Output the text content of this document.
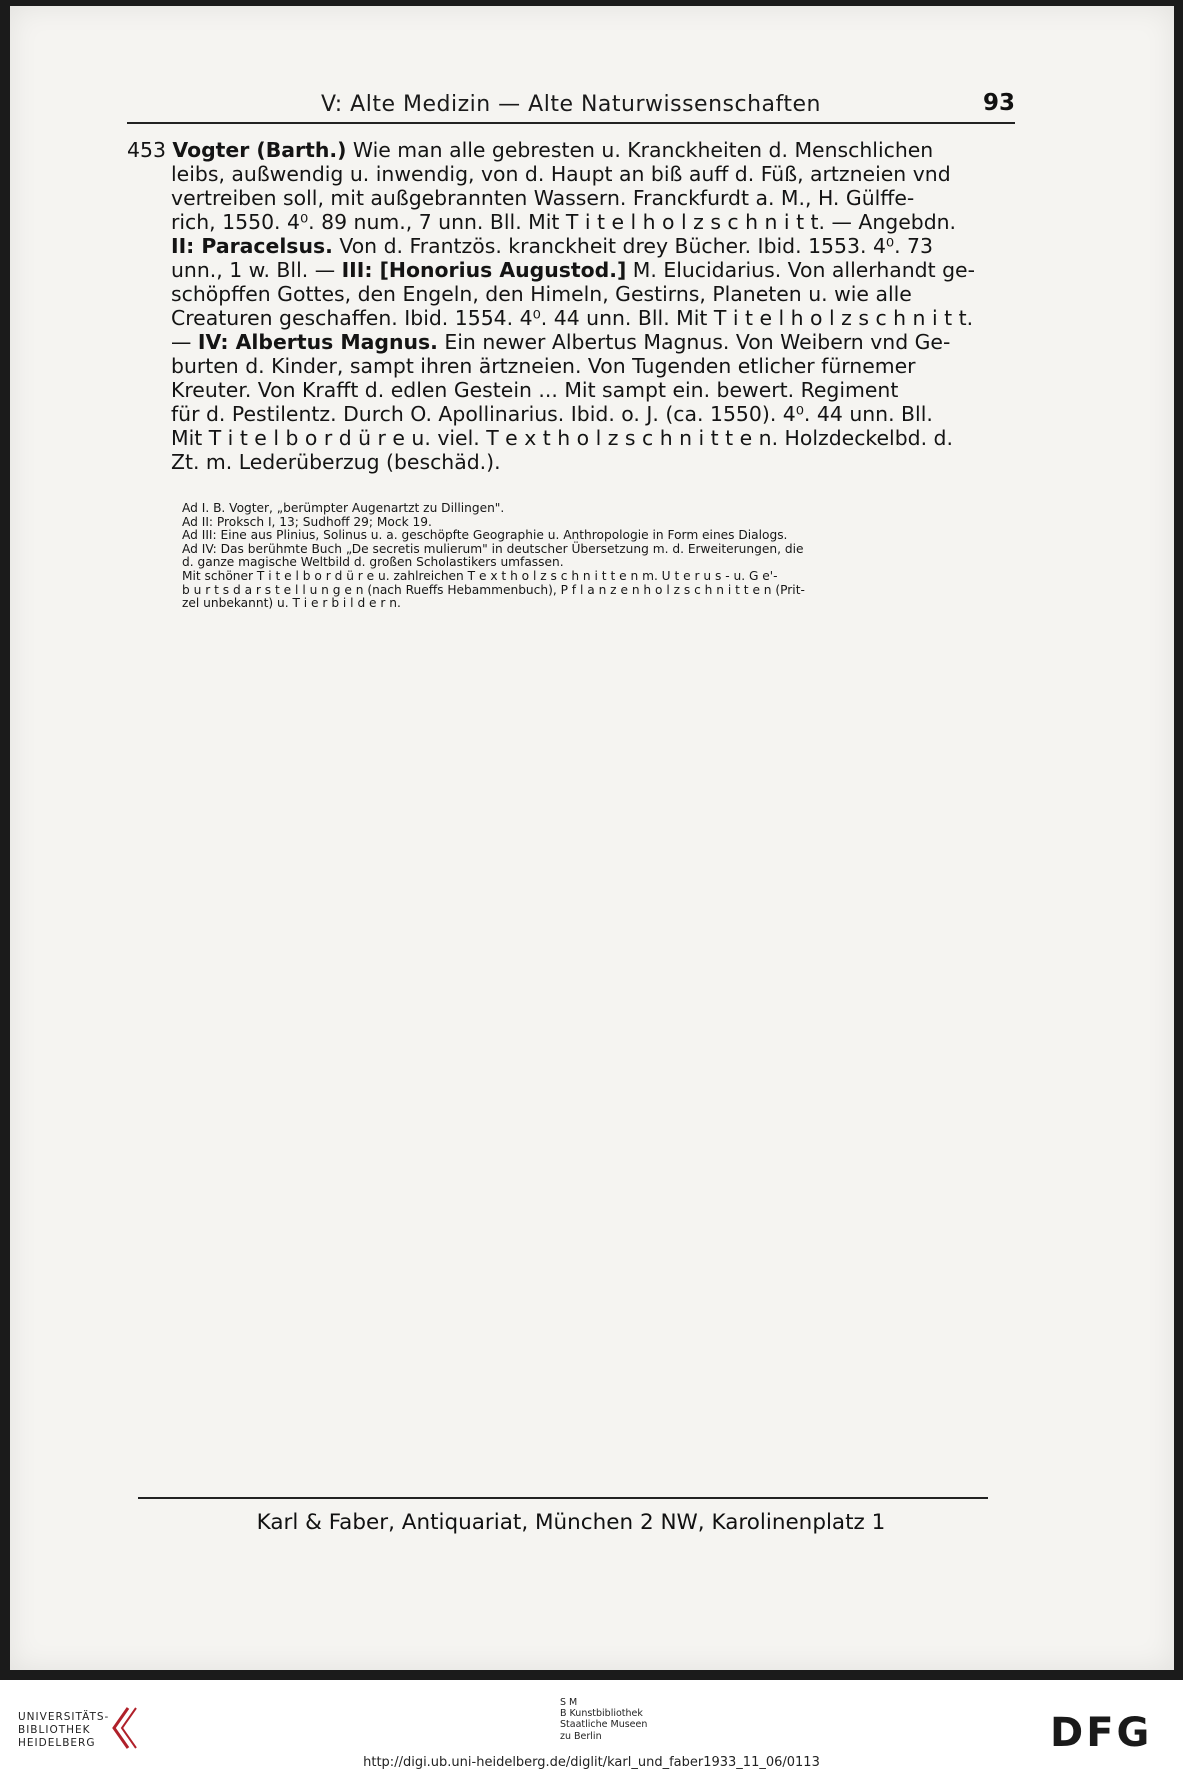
V: Alte Medizin — Alte Naturwissenschaften	93
453 Vogter (Barth.) Wie man alle gebresten u. Kranckheiten d. Menschlichen
leibs, außwendig u. inwendig, von d. Haupt an biß auff d. Füß, artzneien vnd
vertreiben soll, mit außgebrannten Wassern. Franckfurdt a. M., H. Gülffe-
rich, 1550. 4⁰. 89 num., 7 unn. Bll. Mit T i t e l h o l z s c h n i t t. — Angebdn.
II: Paracelsus. Von d. Frantzös. kranckheit drey Bücher. Ibid. 1553. 4⁰. 73
unn., 1 w. Bll. — III: [Honorius Augustod.] M. Elucidarius. Von allerhandt ge-
schöpffen Gottes, den Engeln, den Himeln, Gestirns, Planeten u. wie alle
Creaturen geschaffen. Ibid. 1554. 4⁰. 44 unn. Bll. Mit T i t e l h o l z s c h n i t t.
— IV: Albertus Magnus. Ein newer Albertus Magnus. Von Weibern vnd Ge-
burten d. Kinder, sampt ihren ärtzneien. Von Tugenden etlicher fürnemer
Kreuter. Von Krafft d. edlen Gestein ... Mit sampt ein. bewert. Regiment
für d. Pestilentz. Durch O. Apollinarius. Ibid. o. J. (ca. 1550). 4⁰. 44 unn. Bll.
Mit T i t e l b o r d ü r e u. viel. T e x t h o l z s c h n i t t e n. Holzdeckelbd. d.
Zt. m. Lederüberzug (beschäd.).
Ad I. B. Vogter, „berümpter Augenartzt zu Dillingen".
Ad II: Proksch I, 13; Sudhoff 29; Mock 19.
Ad III: Eine aus Plinius, Solinus u. a. geschöpfte Geographie u. Anthropologie in Form eines Dialogs.
Ad IV: Das berühmte Buch „De secretis mulierum" in deutscher Übersetzung m. d. Erweiterungen, die
d. ganze magische Weltbild d. großen Scholastikers umfassen.
Mit schöner T i t e l b o r d ü r e u. zahlreichen T e x t h o l z s c h n i t t e n m. U t e r u s - u. G e'-
b u r t s d a r s t e l l u n g e n (nach Rueffs Hebammenbuch), P f l a n z e n h o l z s c h n i t t e n (Prit-
zel unbekannt) u. T i e r b i l d e r n.
Karl & Faber, Antiquariat, München 2 NW, Karolinenplatz 1
UNIVERSITÄTS-
BIBLIOTHEK
HEIDELBERG
S M
B Kunstbibliothek
Staatliche Museen
zu Berlin	DFG
http://digi.ub.uni-heidelberg.de/diglit/karl_und_faber1933_11_06/0113
